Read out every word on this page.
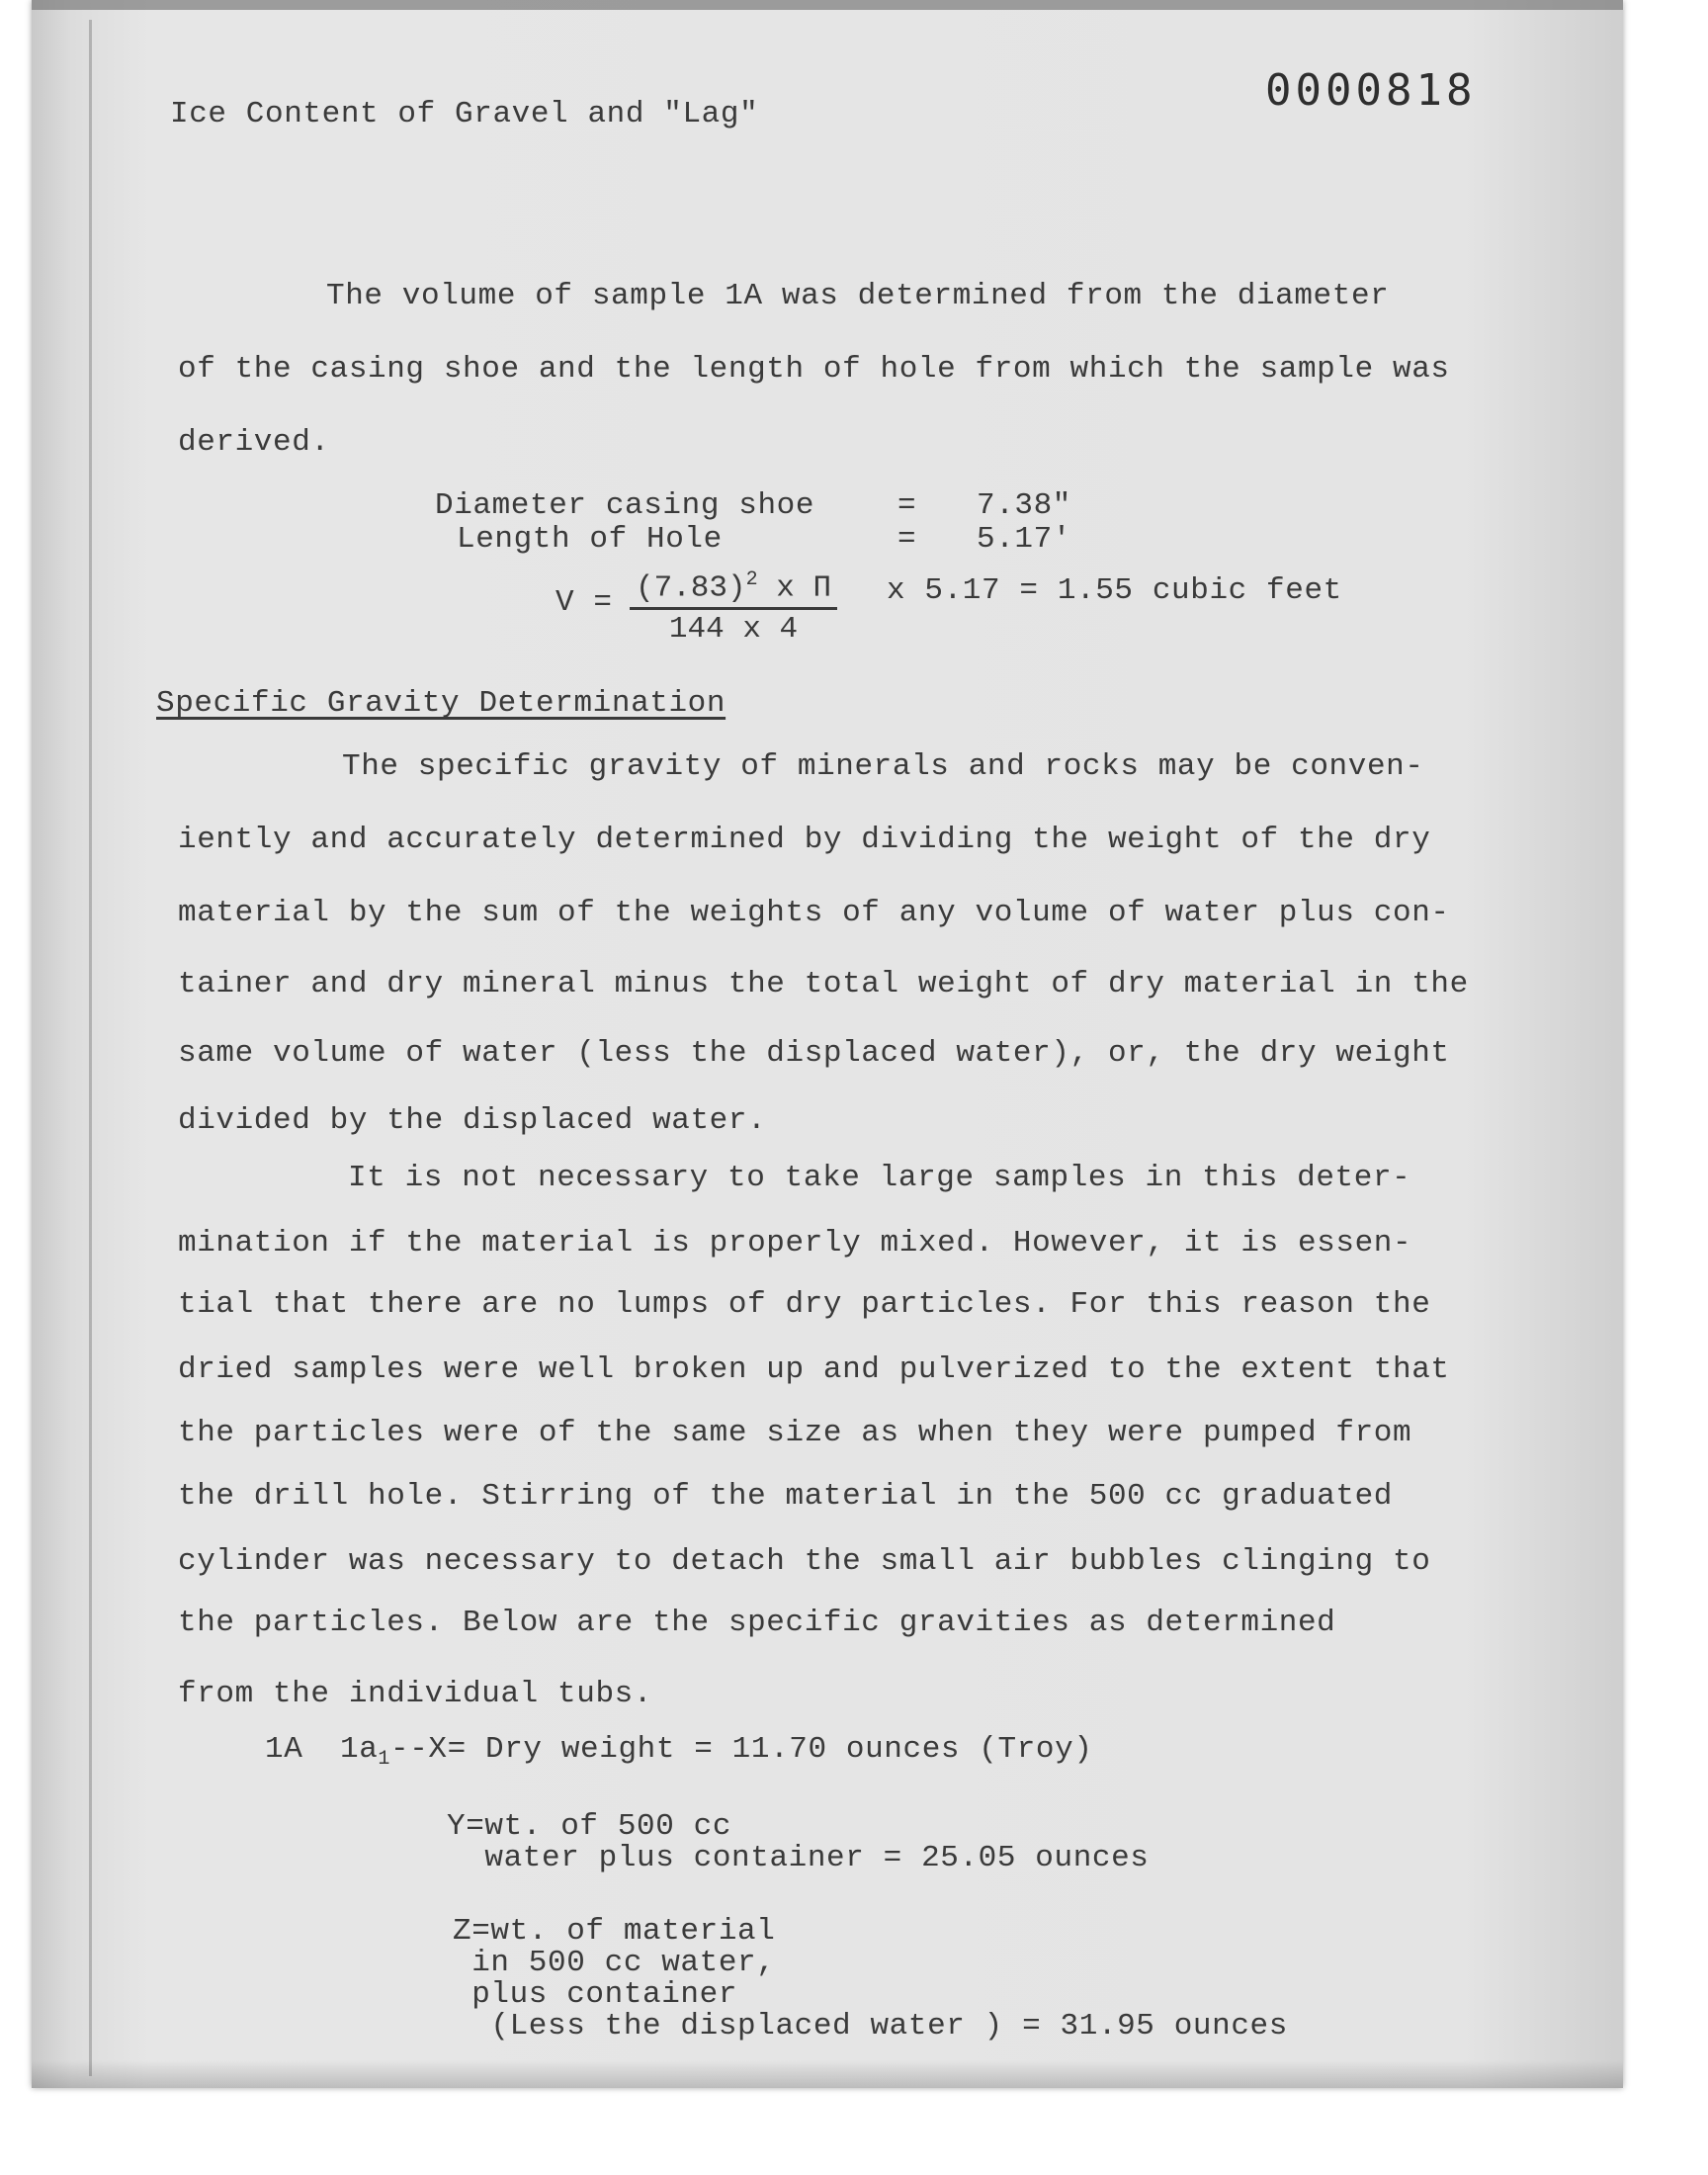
0000818
Ice Content of Gravel and "Lag"
The volume of sample 1A was determined from the diameter
of the casing shoe and the length of hole from which the sample was
derived.
Diameter casing shoe	= 7.38"
Length of Hole	= 5.17'
$V = \frac{(7.83)^2 x \Pi}{144 x 4}$ x 5.17 = 1.55 cubic feet
Specific Gravity Determination
The specific gravity of minerals and rocks may be conven-
iently and accurately determined by dividing the weight of the dry
material by the sum of the weights of any volume of water plus con-
tainer and dry mineral minus the total weight of dry material in the
same volume of water (less the displaced water), or, the dry weight
divided by the displaced water.
It is not necessary to take large samples in this deter-
mination if the material is properly mixed. However, it is essen-
tial that there are no lumps of dry particles. For this reason the
dried samples were well broken up and pulverized to the extent that
the particles were of the same size as when they were pumped from
the drill hole. Stirring of the material in the 500 cc graduated
cylinder was necessary to detach the small air bubbles clinging to
the particles. Below are the specific gravities as determined
from the individual tubs.
1A $1a_1--X=$ Dry weight = 11.70 ounces (Troy)
Y=wt. of 500 cc
water plus container = 25.05 ounces
Z=wt. of material
in 500 cc water,
plus container
(Less the displaced water ) = 31.95 ounces
